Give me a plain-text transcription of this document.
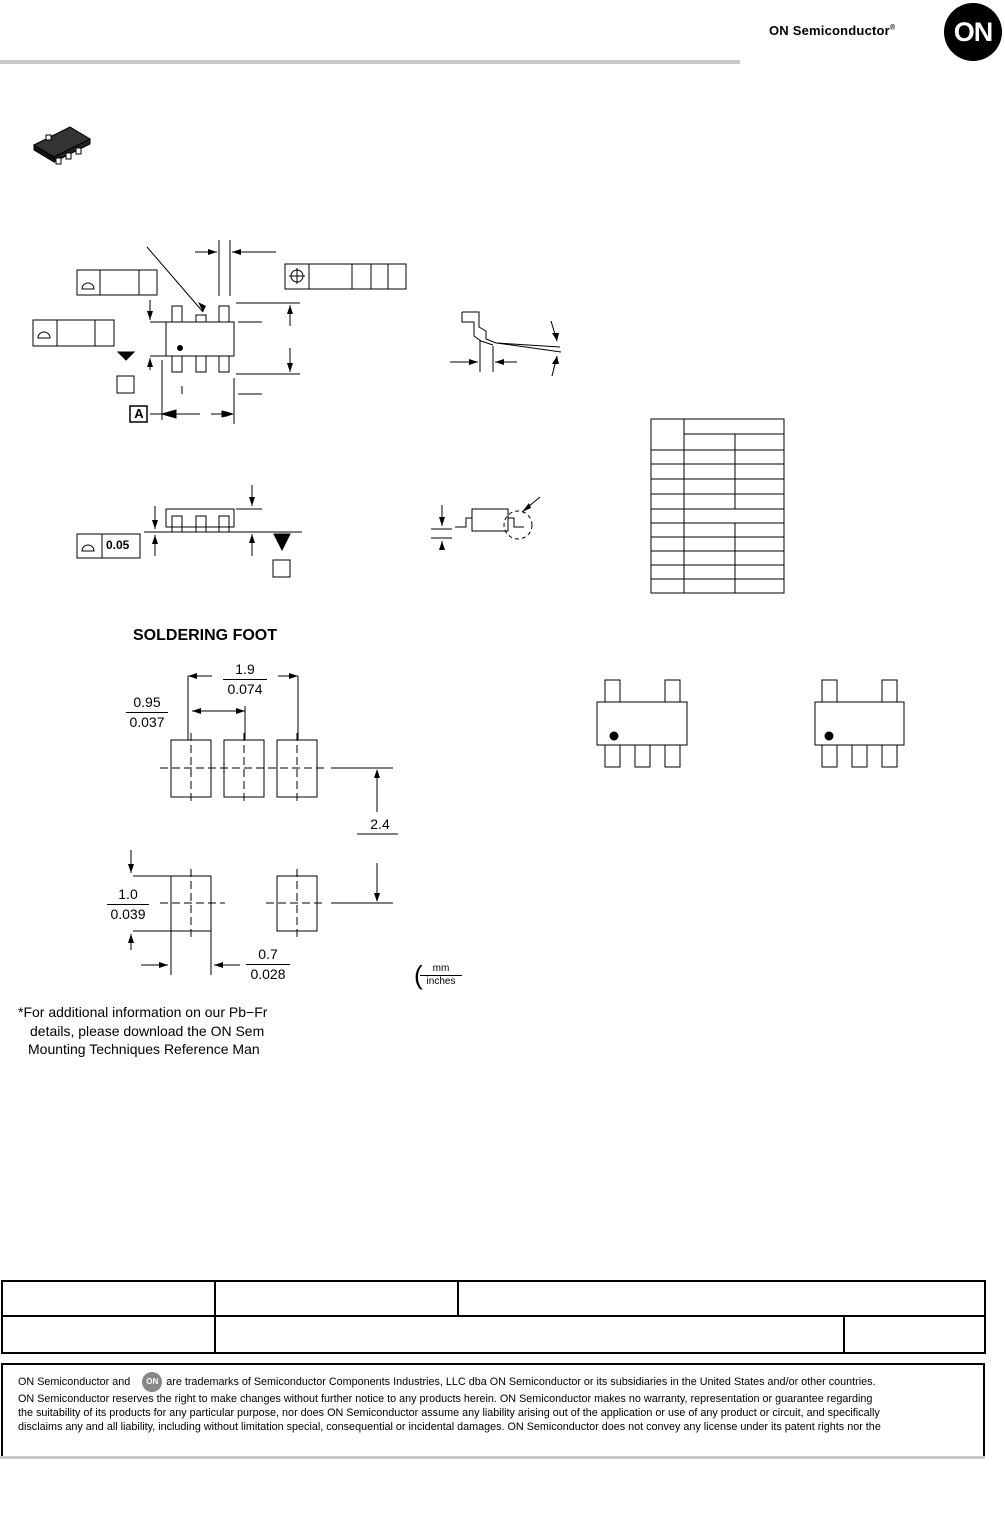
ON Semiconductor®	ON
A
0.05
SOLDERING FOOT
$\frac{1.9}{0.074}$
$\frac{0.95}{0.037}$
2.4
$\frac{1.0}{0.039}$
$\frac{0.7}{0.028}$	( mm
inches
*For additional information on our Pb−Fr
details, please download the ON Sem
Mounting Techniques Reference Man

ON Semiconductor and ON are trademarks of Semiconductor Components Industries, LLC dba ON Semiconductor or its subsidiaries in the United States and/or other countries.

ON Semiconductor reserves the right to make changes without further notice to any products herein. ON Semiconductor makes no warranty, representation or guarantee regarding

the suitability of its products for any particular purpose, nor does ON Semiconductor assume any liability arising out of the application or use of any product or circuit, and specifically

disclaims any and all liability, including without limitation special, consequential or incidental damages. ON Semiconductor does not convey any license under its patent rights nor the
